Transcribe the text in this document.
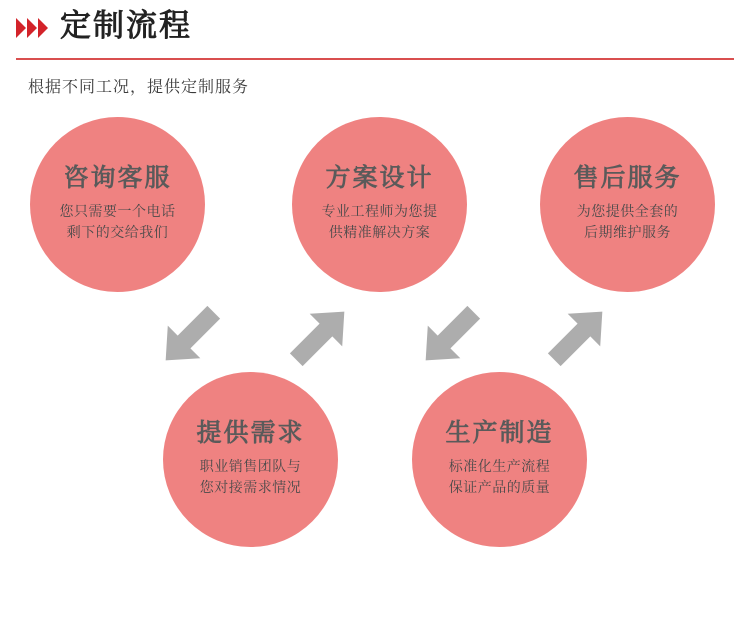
定制流程
根据不同工况，提供定制服务
咨询客服
您只需要一个电话
剩下的交给我们
方案设计
专业工程师为您提
供精准解决方案
售后服务
为您提供全套的
后期维护服务
提供需求
职业销售团队与
您对接需求情况
生产制造
标准化生产流程
保证产品的质量
